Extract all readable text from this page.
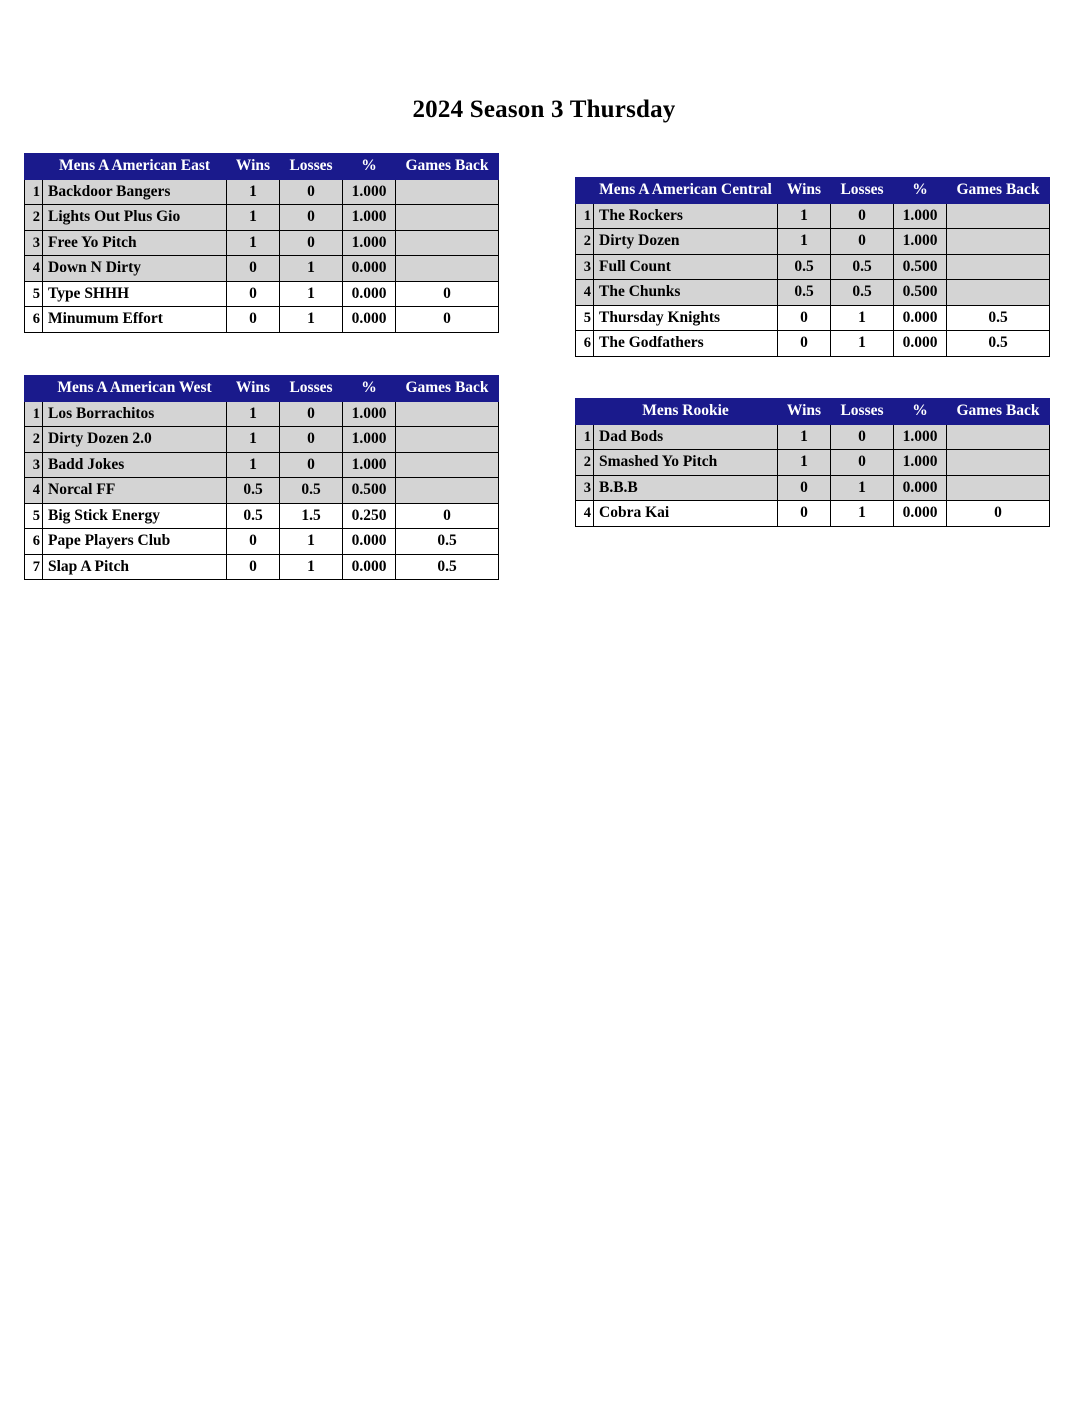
2024 Season 3 Thursday
	Mens A American East	Wins	Losses	%	Games Back
1	Backdoor Bangers	1	0	1.000	
2	Lights Out Plus Gio	1	0	1.000	
3	Free Yo Pitch	1	0	1.000	
4	Down N Dirty	0	1	0.000	
5	Type SHHH	0	1	0.000	0
6	Minumum Effort	0	1	0.000	0
	Mens A American West	Wins	Losses	%	Games Back
1	Los Borrachitos	1	0	1.000	
2	Dirty Dozen 2.0	1	0	1.000	
3	Badd Jokes	1	0	1.000	
4	Norcal FF	0.5	0.5	0.500	
5	Big Stick Energy	0.5	1.5	0.250	0
6	Pape Players Club	0	1	0.000	0.5
7	Slap A Pitch	0	1	0.000	0.5
	Mens A American Central	Wins	Losses	%	Games Back
1	The Rockers	1	0	1.000	
2	Dirty Dozen	1	0	1.000	
3	Full Count	0.5	0.5	0.500	
4	The Chunks	0.5	0.5	0.500	
5	Thursday Knights	0	1	0.000	0.5
6	The Godfathers	0	1	0.000	0.5
	Mens Rookie	Wins	Losses	%	Games Back
1	Dad Bods	1	0	1.000	
2	Smashed Yo Pitch	1	0	1.000	
3	B.B.B	0	1	0.000	
4	Cobra Kai	0	1	0.000	0
